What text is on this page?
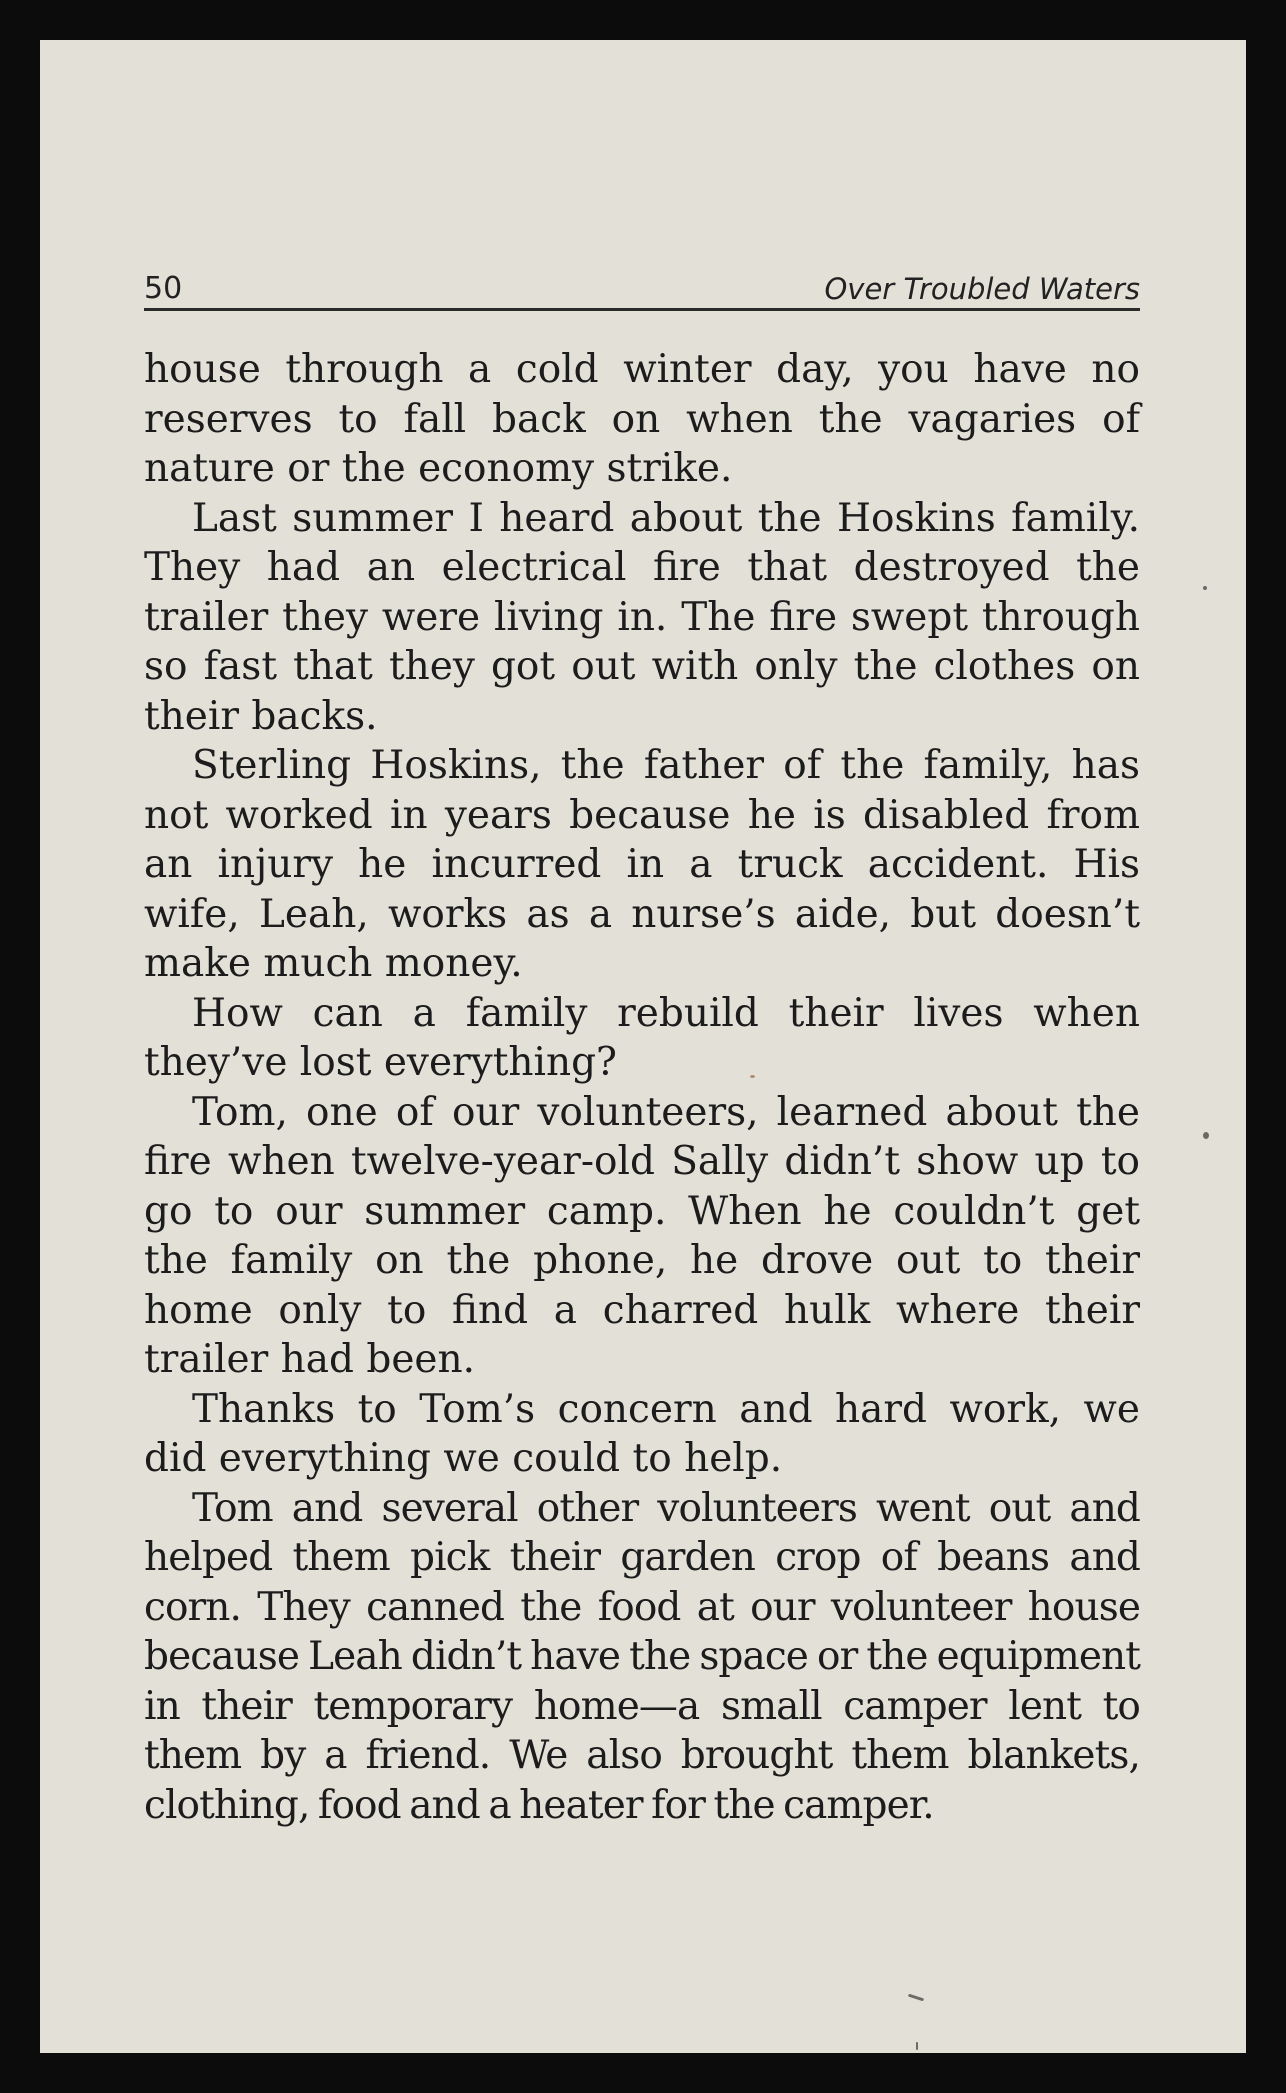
50	Over Troubled Waters

house through a cold winter day, you have no reserves to fall back on when the vagaries of nature or the economy strike.

Last summer I heard about the Hoskins family. They had an electrical fire that destroyed the trailer they were living in. The fire swept through so fast that they got out with only the clothes on their backs.

Sterling Hoskins, the father of the family, has not worked in years because he is disabled from an injury he incurred in a truck accident. His wife, Leah, works as a nurse’s aide, but doesn’t make much money.

How can a family rebuild their lives when they’ve lost everything?

Tom, one of our volunteers, learned about the fire when twelve-year-old Sally didn’t show up to go to our summer camp. When he couldn’t get the family on the phone, he drove out to their home only to find a charred hulk where their trailer had been.

Thanks to Tom’s concern and hard work, we did everything we could to help.

Tom and several other volunteers went out and helped them pick their garden crop of beans and corn. They canned the food at our volunteer house because Leah didn’t have the space or the equipment in their temporary home—a small camper lent to them by a friend. We also brought them blankets, clothing, food and a heater for the camper.
